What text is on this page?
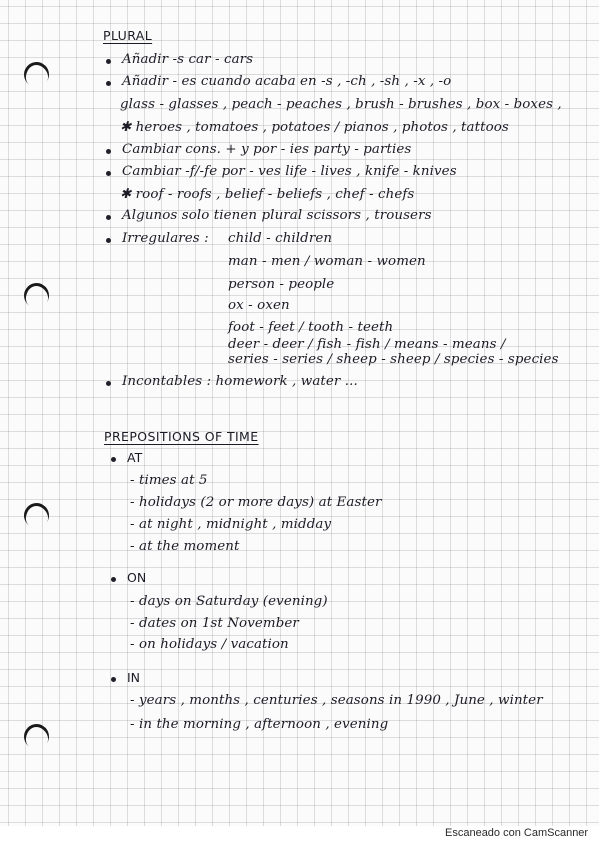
PLURAL
Añadir -s car - cars
Añadir - es cuando acaba en -s , -ch , -sh , -x , -o
glass - glasses , peach - peaches , brush - brushes , box - boxes ,
✱ heroes , tomatoes , potatoes / pianos , photos , tattoos
Cambiar cons. + y por - ies party - parties
Cambiar -f/-fe por - ves life - lives , knife - knives
✱ roof - roofs , belief - beliefs , chef - chefs
Algunos solo tienen plural scissors , trousers
Irregulares : child - children
man - men / woman - women
person - people
ox - oxen
foot - feet / tooth - teeth
deer - deer / fish - fish / means - means /
series - series / sheep - sheep / species - species
Incontables : homework , water ...
PREPOSITIONS OF TIME
AT
- times at 5
- holidays (2 or more days) at Easter
- at night , midnight , midday
- at the moment
ON
- days on Saturday (evening)
- dates on 1st November
- on holidays / vacation
IN
- years , months , centuries , seasons in 1990 , June , winter
- in the morning , afternoon , evening
Escaneado con CamScanner
